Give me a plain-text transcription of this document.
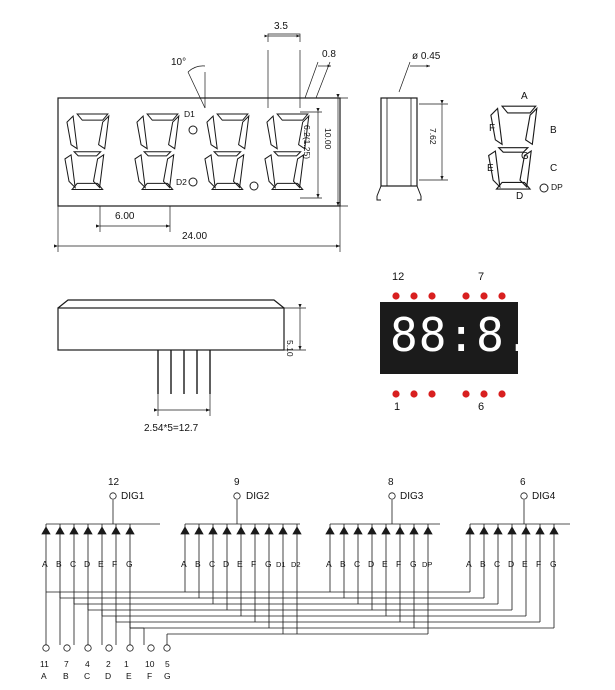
10°
3.5
0.8
D1
D2
6.2(1.25) 10.00
6.00
24.00
ø 0.45
7.62
A
F	B
G
E	C
D
DP
5.10
2.54*5=12.7
88:8.8
12	7
1	6
12
DIG1
9
DIG2
8
DIG3
6
DIG4
A B C D E F G	A B C D E F G D1 D2	A B C D E F G DP	A B C D E F G
11 7 4 2 1 10 5
A B C D E F G
